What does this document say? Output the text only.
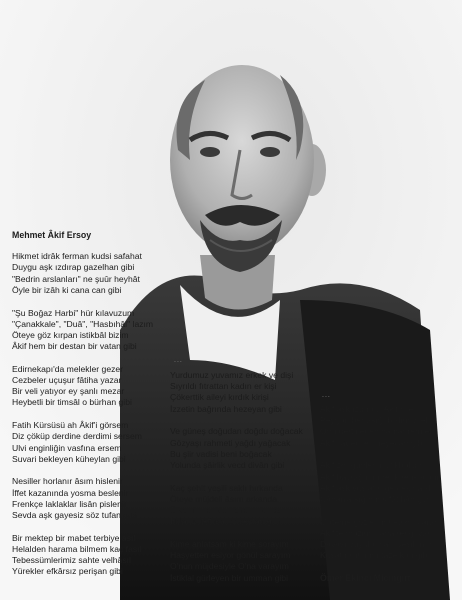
Mehmet Âkif Ersoy
Hikmet idrâk ferman kudsi safahat
Duygu aşk ızdırap gazelhan gibi
"Bedrin arslanları" ne şuûr heyhât
Öyle bir izâh ki cana can gibi
"Şu Boğaz Harbi" hür kılavuzum
"Çanakkale", "Duâ", "Hasbıhâl" lazım
Öteye göz kırpan istikbâl bizim
Âkif hem bir destan bir vatan gibi
Edirnekapı'da melekler gezer
Cezbeler uçuşur fâtiha yazar
Bir veli yatıyor ey şanlı mezar
Heybetli bir timsâl o bürhan gibi
Fatih Kürsüsü ah Âkif'i görsem
Diz çöküp derdine derdimi sersem
Ulvi enginliğin vasfına ersem
Suvari bekleyen küheylan gibi
Nesiller horlanır âsım hislenir
İffet kazanında yosma beslenir
Frenkçe laklaklar lisân pislenir
Sevda aşk gayesiz söz tufan gibi
Bir mektep bir mabet terbiye asıl
Helalden harama bilmem kaç fasıl
Tebessümlerimiz sahte velhâsıl
Yürekler efkârsız perişan gibi
...
Yurdumuz yuvamız erkek ve dişi
Sıyrıldı fıtrattan kadın er kişi
Çökerttik aileyi kırdık kirişi
İzzetin bağrında hezeyan gibi
Ve güneş doğudan doğdu doğacak
Gözyaşı rahmeti yağdı yağacak
Bu şiir vadisi beni boğacak
Yolunda şâirlik vecd divân gibi
Kaç şehit yeşili saklı hırkanda
Öteye müjdeli âsım arkanda
Ülkemin renkleri birdir ırkında
Irklarda tefrika bir şeytan gibi
Kime anlatsam ki kime sorayım
Haşyetten esiyor gönül sarayım
O'nun müjdesiyle O'na varayım
İstiklal gürleyen bir umman gibi
...
Âkif aşk ızdırap, Âkif çileli
Peygamber aşığı bildim bileli
Onu dertli eden namahrem eli
Âkif vâdedilen heyecan gibi
Âkif zor günlerin istikbâlidir
Âkif bayrağımın renk renk alıdır
Âkif aşk vuslatın gerçek hâlidir
Cânân'a sığınmış fâtihân gibi
Mateme gözlerim hep onu arar
Âkif'te mâzimin ana rengi var
Davası büyülü mavi yeşil mor
Kuşatır ruhumu tâze kan gibi
Ömer Ekinci Micingirt
